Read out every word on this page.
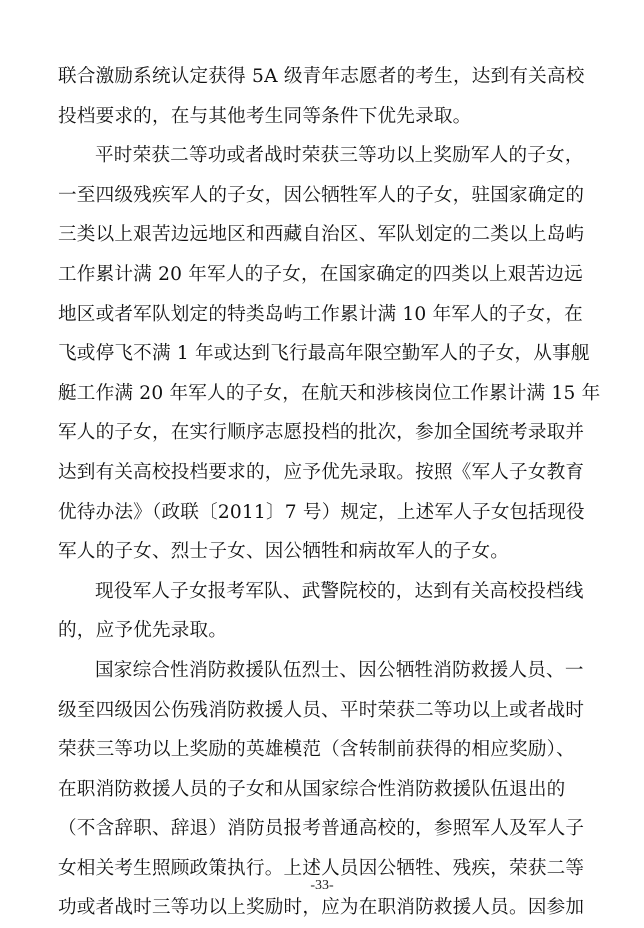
联合激励系统认定获得 5A 级青年志愿者的考生，达到有关高校
投档要求的，在与其他考生同等条件下优先录取。
平时荣获二等功或者战时荣获三等功以上奖励军人的子女，
一至四级残疾军人的子女，因公牺牲军人的子女，驻国家确定的
三类以上艰苦边远地区和西藏自治区、军队划定的二类以上岛屿
工作累计满 20 年军人的子女，在国家确定的四类以上艰苦边远
地区或者军队划定的特类岛屿工作累计满 10 年军人的子女，在
飞或停飞不满 1 年或达到飞行最高年限空勤军人的子女，从事舰
艇工作满 20 年军人的子女，在航天和涉核岗位工作累计满 15 年
军人的子女，在实行顺序志愿投档的批次，参加全国统考录取并
达到有关高校投档要求的，应予优先录取。按照《军人子女教育
优待办法》（政联〔2011〕7 号）规定，上述军人子女包括现役
军人的子女、烈士子女、因公牺牲和病故军人的子女。
现役军人子女报考军队、武警院校的，达到有关高校投档线
的，应予优先录取。
国家综合性消防救援队伍烈士、因公牺牲消防救援人员、一
级至四级因公伤残消防救援人员、平时荣获二等功以上或者战时
荣获三等功以上奖励的英雄模范（含转制前获得的相应奖励）、
在职消防救援人员的子女和从国家综合性消防救援队伍退出的
（不含辞职、辞退）消防员报考普通高校的，参照军人及军人子
女相关考生照顾政策执行。上述人员因公牺牲、残疾，荣获二等
功或者战时三等功以上奖励时，应为在职消防救援人员。因参加
-33-
